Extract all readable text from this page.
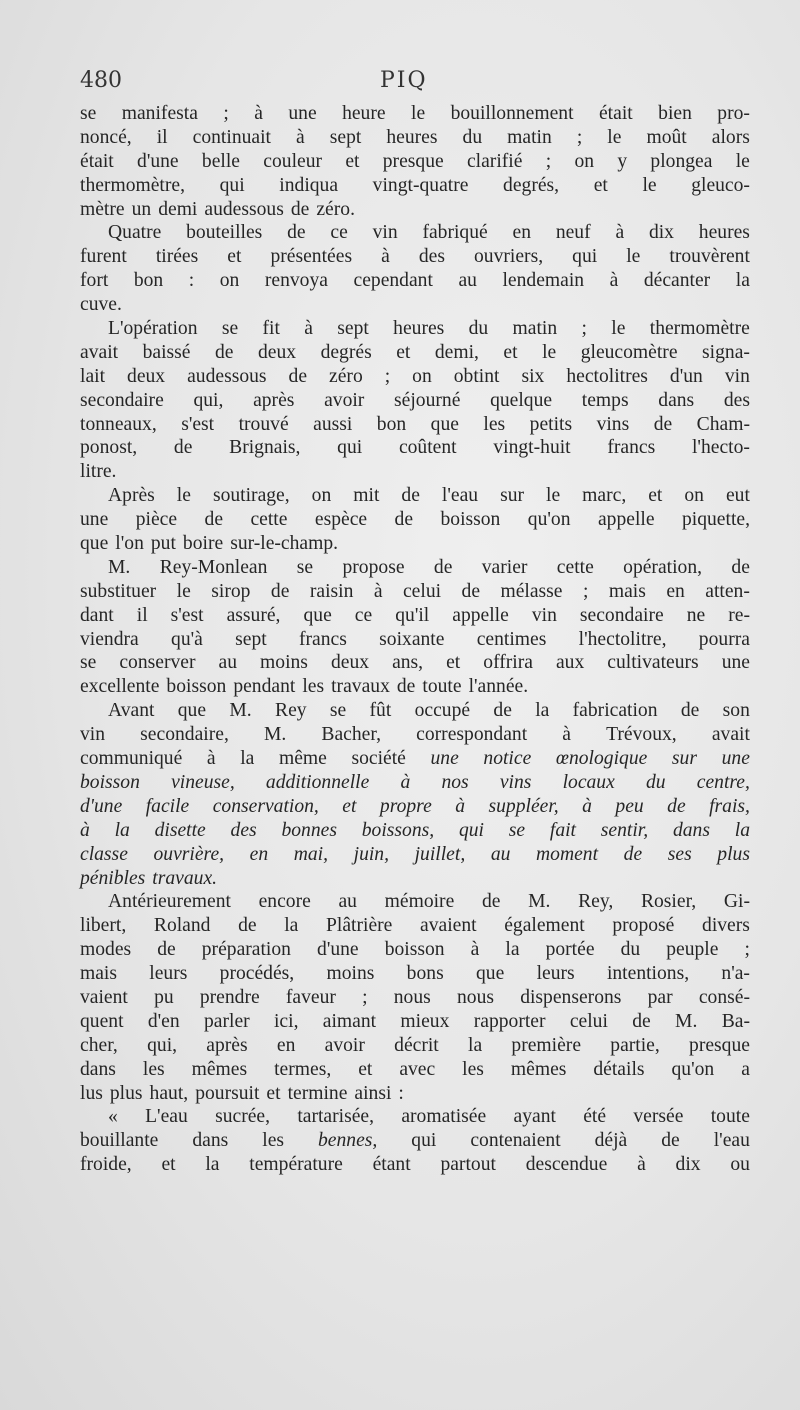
480	PIQ
se manifesta ; à une heure le bouillonnement était bien pro-
noncé, il continuait à sept heures du matin ; le moût alors
était d'une belle couleur et presque clarifié ; on y plongea le
thermomètre, qui indiqua vingt-quatre degrés, et le gleuco-
mètre un demi audessous de zéro.
Quatre bouteilles de ce vin fabriqué en neuf à dix heures
furent tirées et présentées à des ouvriers, qui le trouvèrent
fort bon : on renvoya cependant au lendemain à décanter la
cuve.
L'opération se fit à sept heures du matin ; le thermomètre
avait baissé de deux degrés et demi, et le gleucomètre signa-
lait deux audessous de zéro ; on obtint six hectolitres d'un vin
secondaire qui, après avoir séjourné quelque temps dans des
tonneaux, s'est trouvé aussi bon que les petits vins de Cham-
ponost, de Brignais, qui coûtent vingt-huit francs l'hecto-
litre.
Après le soutirage, on mit de l'eau sur le marc, et on eut
une pièce de cette espèce de boisson qu'on appelle piquette,
que l'on put boire sur-le-champ.
M. Rey-Monlean se propose de varier cette opération, de
substituer le sirop de raisin à celui de mélasse ; mais en atten-
dant il s'est assuré, que ce qu'il appelle vin secondaire ne re-
viendra qu'à sept francs soixante centimes l'hectolitre, pourra
se conserver au moins deux ans, et offrira aux cultivateurs une
excellente boisson pendant les travaux de toute l'année.
Avant que M. Rey se fût occupé de la fabrication de son
vin secondaire, M. Bacher, correspondant à Trévoux, avait
communiqué à la même société une notice œnologique sur une
boisson vineuse, additionnelle à nos vins locaux du centre,
d'une facile conservation, et propre à suppléer, à peu de frais,
à la disette des bonnes boissons, qui se fait sentir, dans la
classe ouvrière, en mai, juin, juillet, au moment de ses plus
pénibles travaux.
Antérieurement encore au mémoire de M. Rey, Rosier, Gi-
libert, Roland de la Plâtrière avaient également proposé divers
modes de préparation d'une boisson à la portée du peuple ;
mais leurs procédés, moins bons que leurs intentions, n'a-
vaient pu prendre faveur ; nous nous dispenserons par consé-
quent d'en parler ici, aimant mieux rapporter celui de M. Ba-
cher, qui, après en avoir décrit la première partie, presque
dans les mêmes termes, et avec les mêmes détails qu'on a
lus plus haut, poursuit et termine ainsi :
« L'eau sucrée, tartarisée, aromatisée ayant été versée toute
bouillante dans les bennes, qui contenaient déjà de l'eau
froide, et la température étant partout descendue à dix ou
